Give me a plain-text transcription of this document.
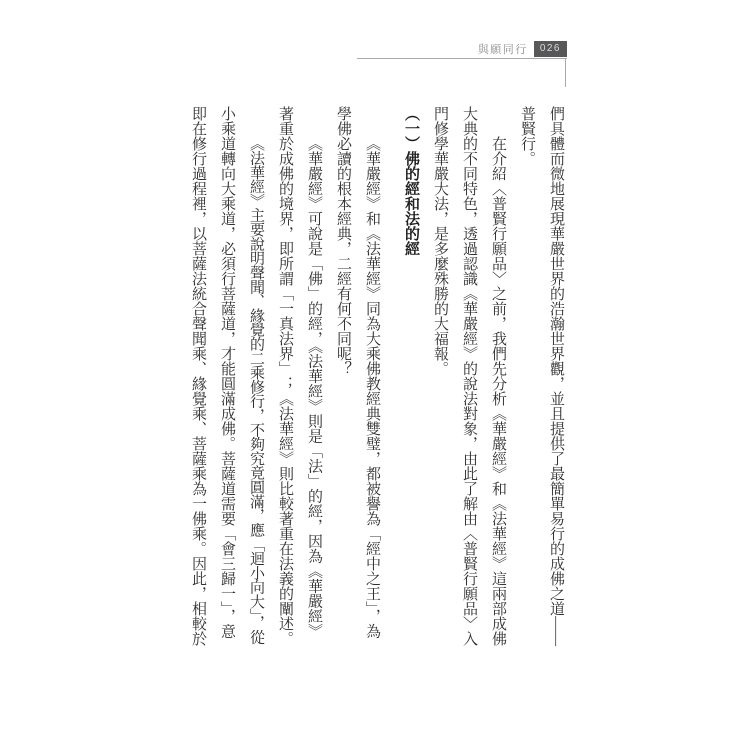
與願同行	026
們具體而微地展現華嚴世界的浩瀚世界觀，並且提供了最簡單易行的成佛之道——
普賢行。
在介紹〈普賢行願品〉之前，我們先分析《華嚴經》和《法華經》這兩部成佛
大典的不同特色，透過認識《華嚴經》的說法對象，由此了解由〈普賢行願品〉入
門修學華嚴大法，是多麼殊勝的大福報。
（一）佛的經和法的經
《華嚴經》和《法華經》同為大乘佛教經典雙璧，都被譽為「經中之王」，為
學佛必讀的根本經典，二經有何不同呢？
《華嚴經》可說是「佛」的經，《法華經》則是「法」的經，因為《華嚴經》
著重於成佛的境界，即所謂「一真法界」；《法華經》則比較著重在法義的闡述。
《法華經》主要說明聲聞、緣覺的二乘修行，不夠究竟圓滿，應「迴小向大」，從
小乘道轉向大乘道，必須行菩薩道，才能圓滿成佛。菩薩道需要「會三歸一」，意
即在修行過程裡，以菩薩法統合聲聞乘、緣覺乘、菩薩乘為一佛乘。因此，相較於
